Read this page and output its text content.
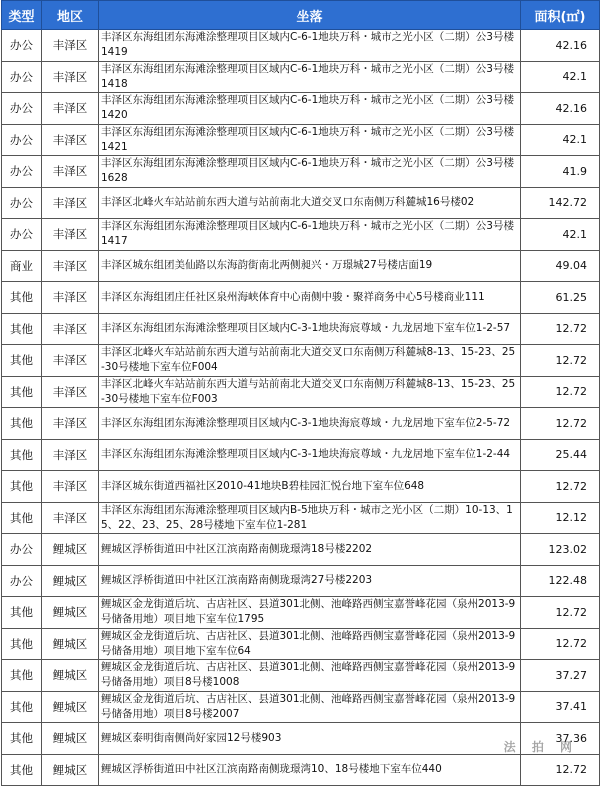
类型	地区	坐落	面积(㎡)
办公	丰泽区	丰泽区东海组团东海滩涂整理项目区域内C-6-1地块万科・城市之光小区（二期）公3号楼1419	42.16
办公	丰泽区	丰泽区东海组团东海滩涂整理项目区域内C-6-1地块万科・城市之光小区（二期）公3号楼1418	42.1
办公	丰泽区	丰泽区东海组团东海滩涂整理项目区域内C-6-1地块万科・城市之光小区（二期）公3号楼1420	42.16
办公	丰泽区	丰泽区东海组团东海滩涂整理项目区域内C-6-1地块万科・城市之光小区（二期）公3号楼1421	42.1
办公	丰泽区	丰泽区东海组团东海滩涂整理项目区域内C-6-1地块万科・城市之光小区（二期）公3号楼1628	41.9
办公	丰泽区	丰泽区北峰火车站站前东西大道与站前南北大道交叉口东南侧万科麓城16号楼02	142.72
办公	丰泽区	丰泽区东海组团东海滩涂整理项目区域内C-6-1地块万科・城市之光小区（二期）公3号楼1417	42.1
商业	丰泽区	丰泽区城东组团美仙路以东海韵街南北两侧昶兴・万璟城27号楼店面19	49.04
其他	丰泽区	丰泽区东海组团庄任社区泉州海峡体育中心南侧中骏・聚祥商务中心5号楼商业111	61.25
其他	丰泽区	丰泽区东海组团东海滩涂整理项目区域内C-3-1地块海宸尊域・九龙居地下室车位1-2-57	12.72
其他	丰泽区	丰泽区北峰火车站站前东西大道与站前南北大道交叉口东南侧万科麓城8-13、15-23、25-30号楼地下室车位F004	12.72
其他	丰泽区	丰泽区北峰火车站站前东西大道与站前南北大道交叉口东南侧万科麓城8-13、15-23、25-30号楼地下室车位F003	12.72
其他	丰泽区	丰泽区东海组团东海滩涂整理项目区域内C-3-1地块海宸尊域・九龙居地下室车位2-5-72	12.72
其他	丰泽区	丰泽区东海组团东海滩涂整理项目区域内C-3-1地块海宸尊域・九龙居地下室车位1-2-44	25.44
其他	丰泽区	丰泽区城东街道西福社区2010-41地块B碧桂园汇悦台地下室车位648	12.72
其他	丰泽区	丰泽区东海组团东海滩涂整理项目区域内B-5地块万科・城市之光小区（二期）10-13、15、22、23、25、28号楼地下室车位1-281	12.12
办公	鲤城区	鲤城区浮桥街道田中社区江滨南路南侧珑璟湾18号楼2202	123.02
办公	鲤城区	鲤城区浮桥街道田中社区江滨南路南侧珑璟湾27号楼2203	122.48
其他	鲤城区	鲤城区金龙街道后坑、古店社区、县道301北侧、池峰路西侧宝嘉誉峰花园（泉州2013-9号储备用地）项目地下室车位1795	12.72
其他	鲤城区	鲤城区金龙街道后坑、古店社区、县道301北侧、池峰路西侧宝嘉誉峰花园（泉州2013-9号储备用地）项目地下室车位64	12.72
其他	鲤城区	鲤城区金龙街道后坑、古店社区、县道301北侧、池峰路西侧宝嘉誉峰花园（泉州2013-9号储备用地）项目8号楼1008	37.27
其他	鲤城区	鲤城区金龙街道后坑、古店社区、县道301北侧、池峰路西侧宝嘉誉峰花园（泉州2013-9号储备用地）项目8号楼2007	37.41
其他	鲤城区	鲤城区泰明街南侧尚好家园12号楼903	37.36
其他	鲤城区	鲤城区浮桥街道田中社区江滨南路南侧珑璟湾10、18号楼地下室车位440	12.72
法 拍 网
